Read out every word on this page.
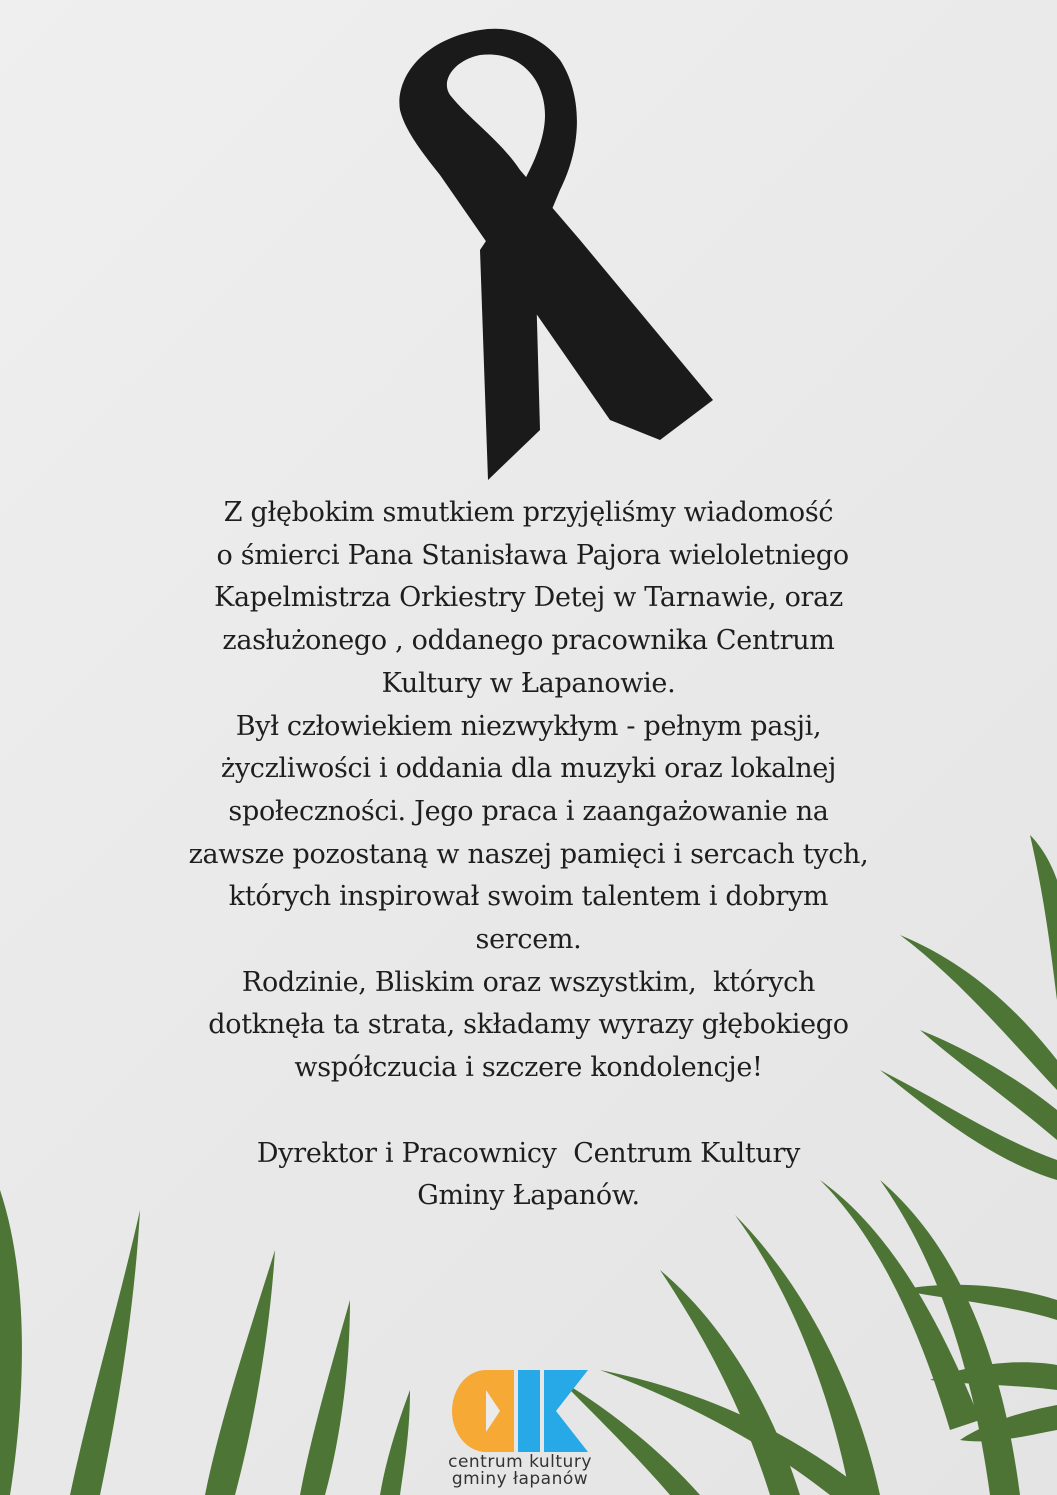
Z głębokim smutkiem przyjęliśmy wiadomość
o śmierci Pana Stanisława Pajora wieloletniego
Kapelmistrza Orkiestry Detej w Tarnawie, oraz
zasłużonego , oddanego pracownika Centrum
Kultury w Łapanowie.
Był człowiekiem niezwykłym - pełnym pasji,
życzliwości i oddania dla muzyki oraz lokalnej
społeczności. Jego praca i zaangażowanie na
zawsze pozostaną w naszej pamięci i sercach tych,
których inspirował swoim talentem i dobrym
sercem.
Rodzinie, Bliskim oraz wszystkim,  których
dotknęła ta strata, składamy wyrazy głębokiego
współczucia i szczere kondolencje!

Dyrektor i Pracownicy  Centrum Kultury
Gminy Łapanów.
centrum kultury
gminy łapanów
